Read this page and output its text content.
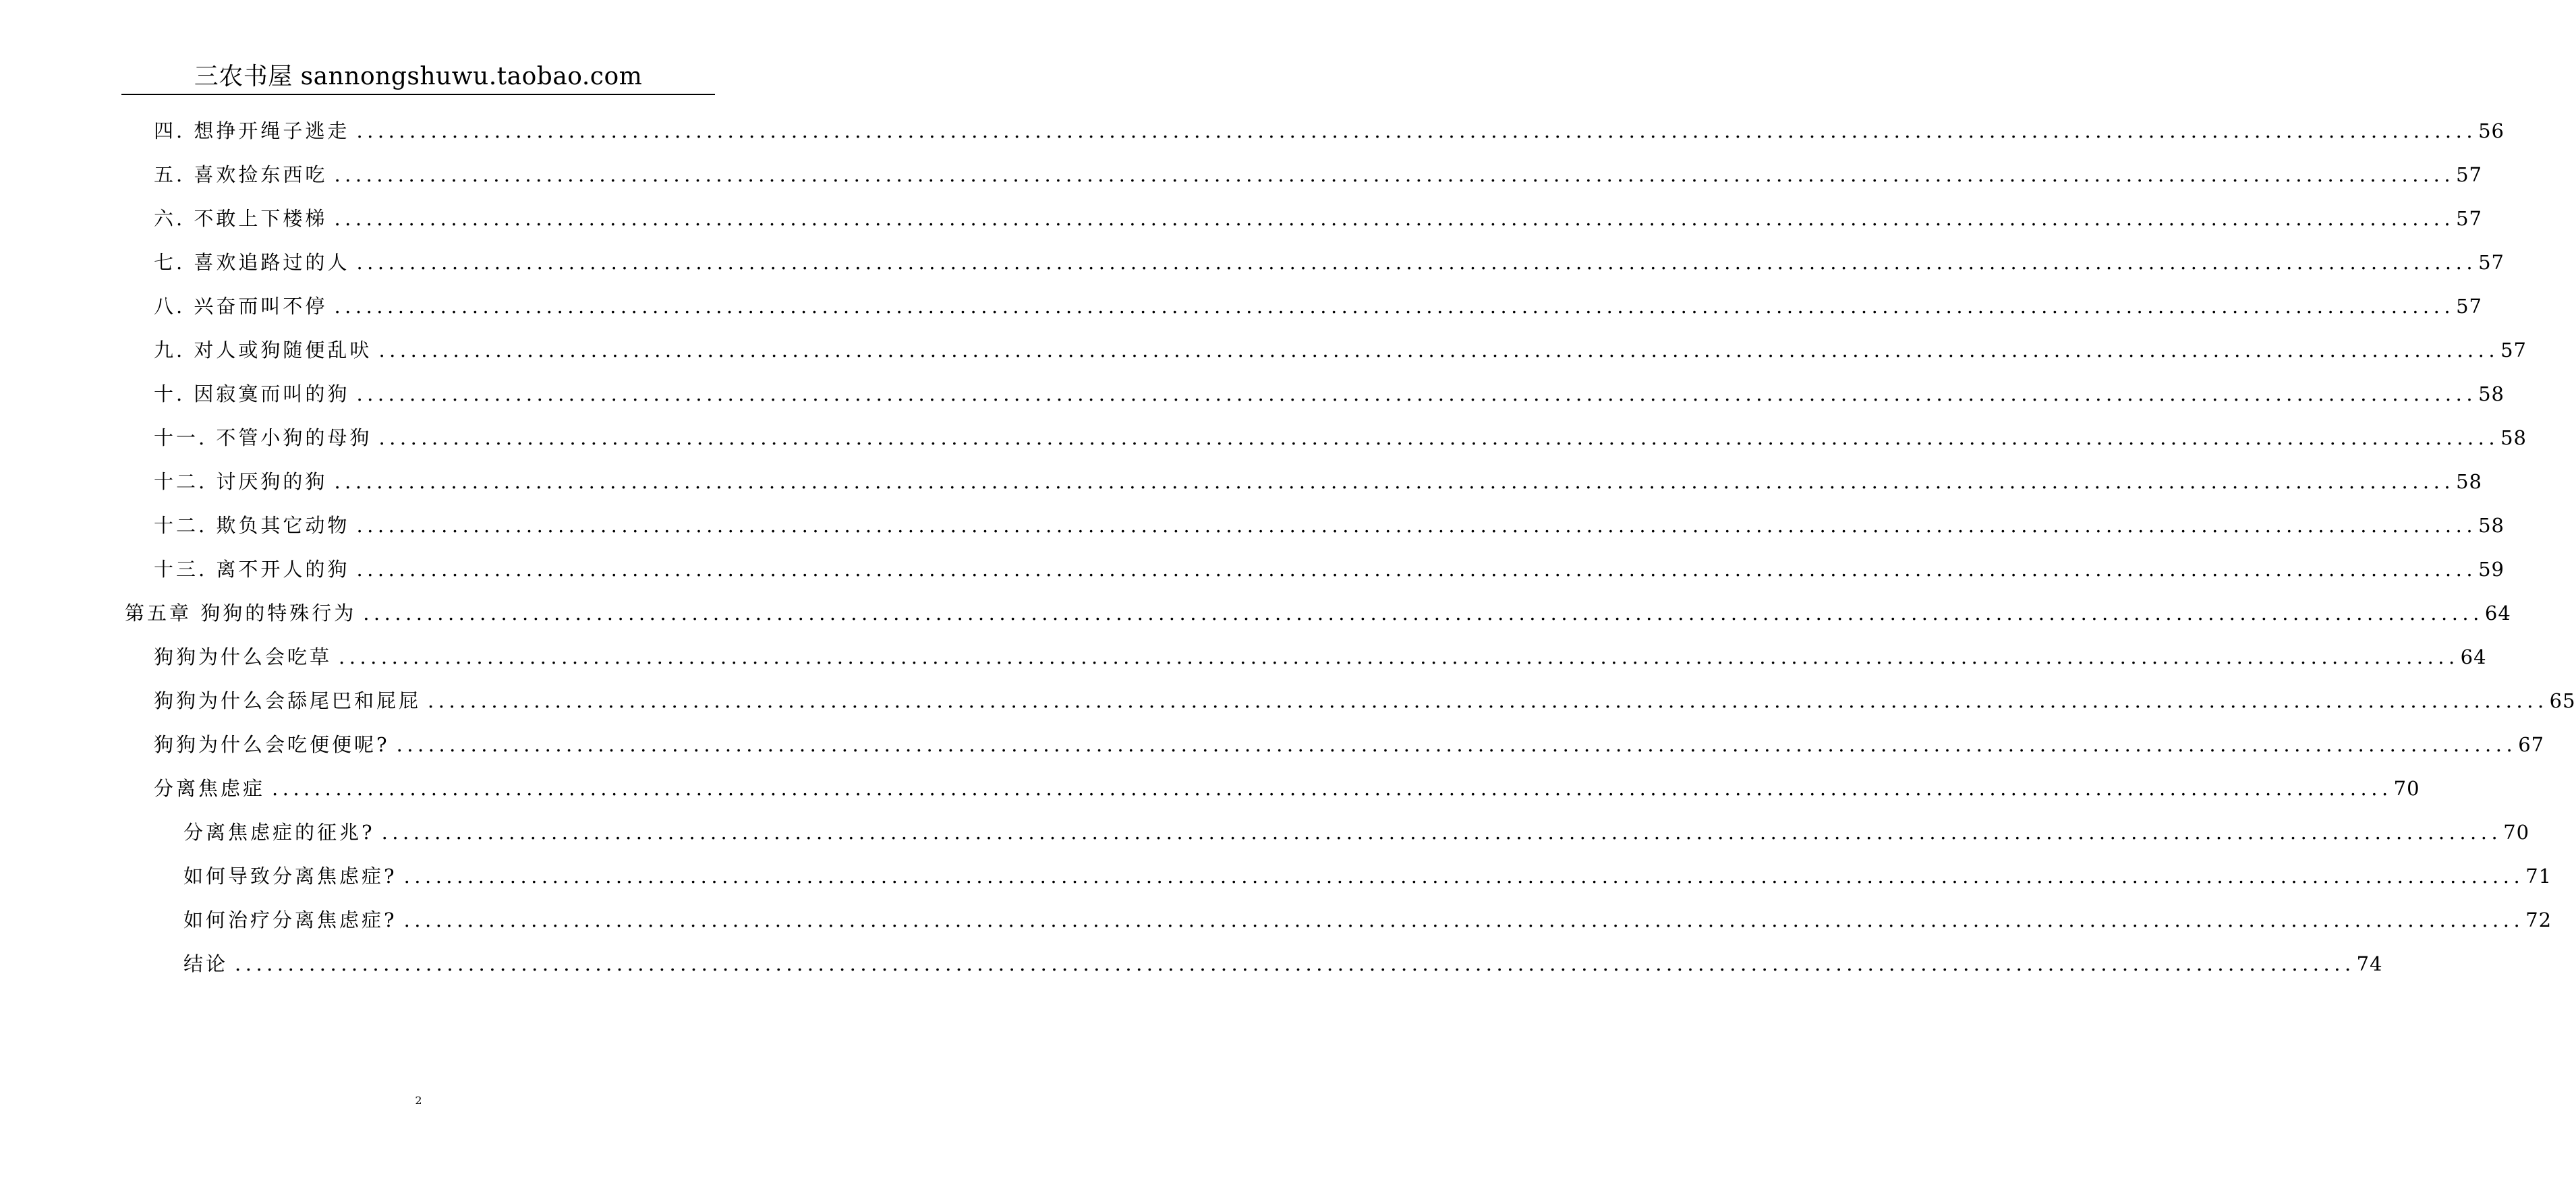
三农书屋 sannongshuwu.taobao.com
四. 想挣开绳子逃走 ........................................................................................................................................................................................................ 56
五. 喜欢捡东西吃 ........................................................................................................................................................................................................ 57
六. 不敢上下楼梯 ........................................................................................................................................................................................................ 57
七. 喜欢追路过的人 ........................................................................................................................................................................................................ 57
八. 兴奋而叫不停 ........................................................................................................................................................................................................ 57
九. 对人或狗随便乱吠 ........................................................................................................................................................................................................ 57
十. 因寂寞而叫的狗 ........................................................................................................................................................................................................ 58
十一. 不管小狗的母狗 ........................................................................................................................................................................................................ 58
十二. 讨厌狗的狗 ........................................................................................................................................................................................................ 58
十二. 欺负其它动物 ........................................................................................................................................................................................................ 58
十三. 离不开人的狗 ........................................................................................................................................................................................................ 59
第五章 狗狗的特殊行为 ........................................................................................................................................................................................................ 64
狗狗为什么会吃草 ........................................................................................................................................................................................................ 64
狗狗为什么会舔尾巴和屁屁 ........................................................................................................................................................................................................ 65
狗狗为什么会吃便便呢? ........................................................................................................................................................................................................ 67
分离焦虑症 ........................................................................................................................................................................................................ 70
分离焦虑症的征兆? ........................................................................................................................................................................................................ 70
如何导致分离焦虑症? ........................................................................................................................................................................................................ 71
如何治疗分离焦虑症? ........................................................................................................................................................................................................ 72
结论 ........................................................................................................................................................................................................ 74
2
